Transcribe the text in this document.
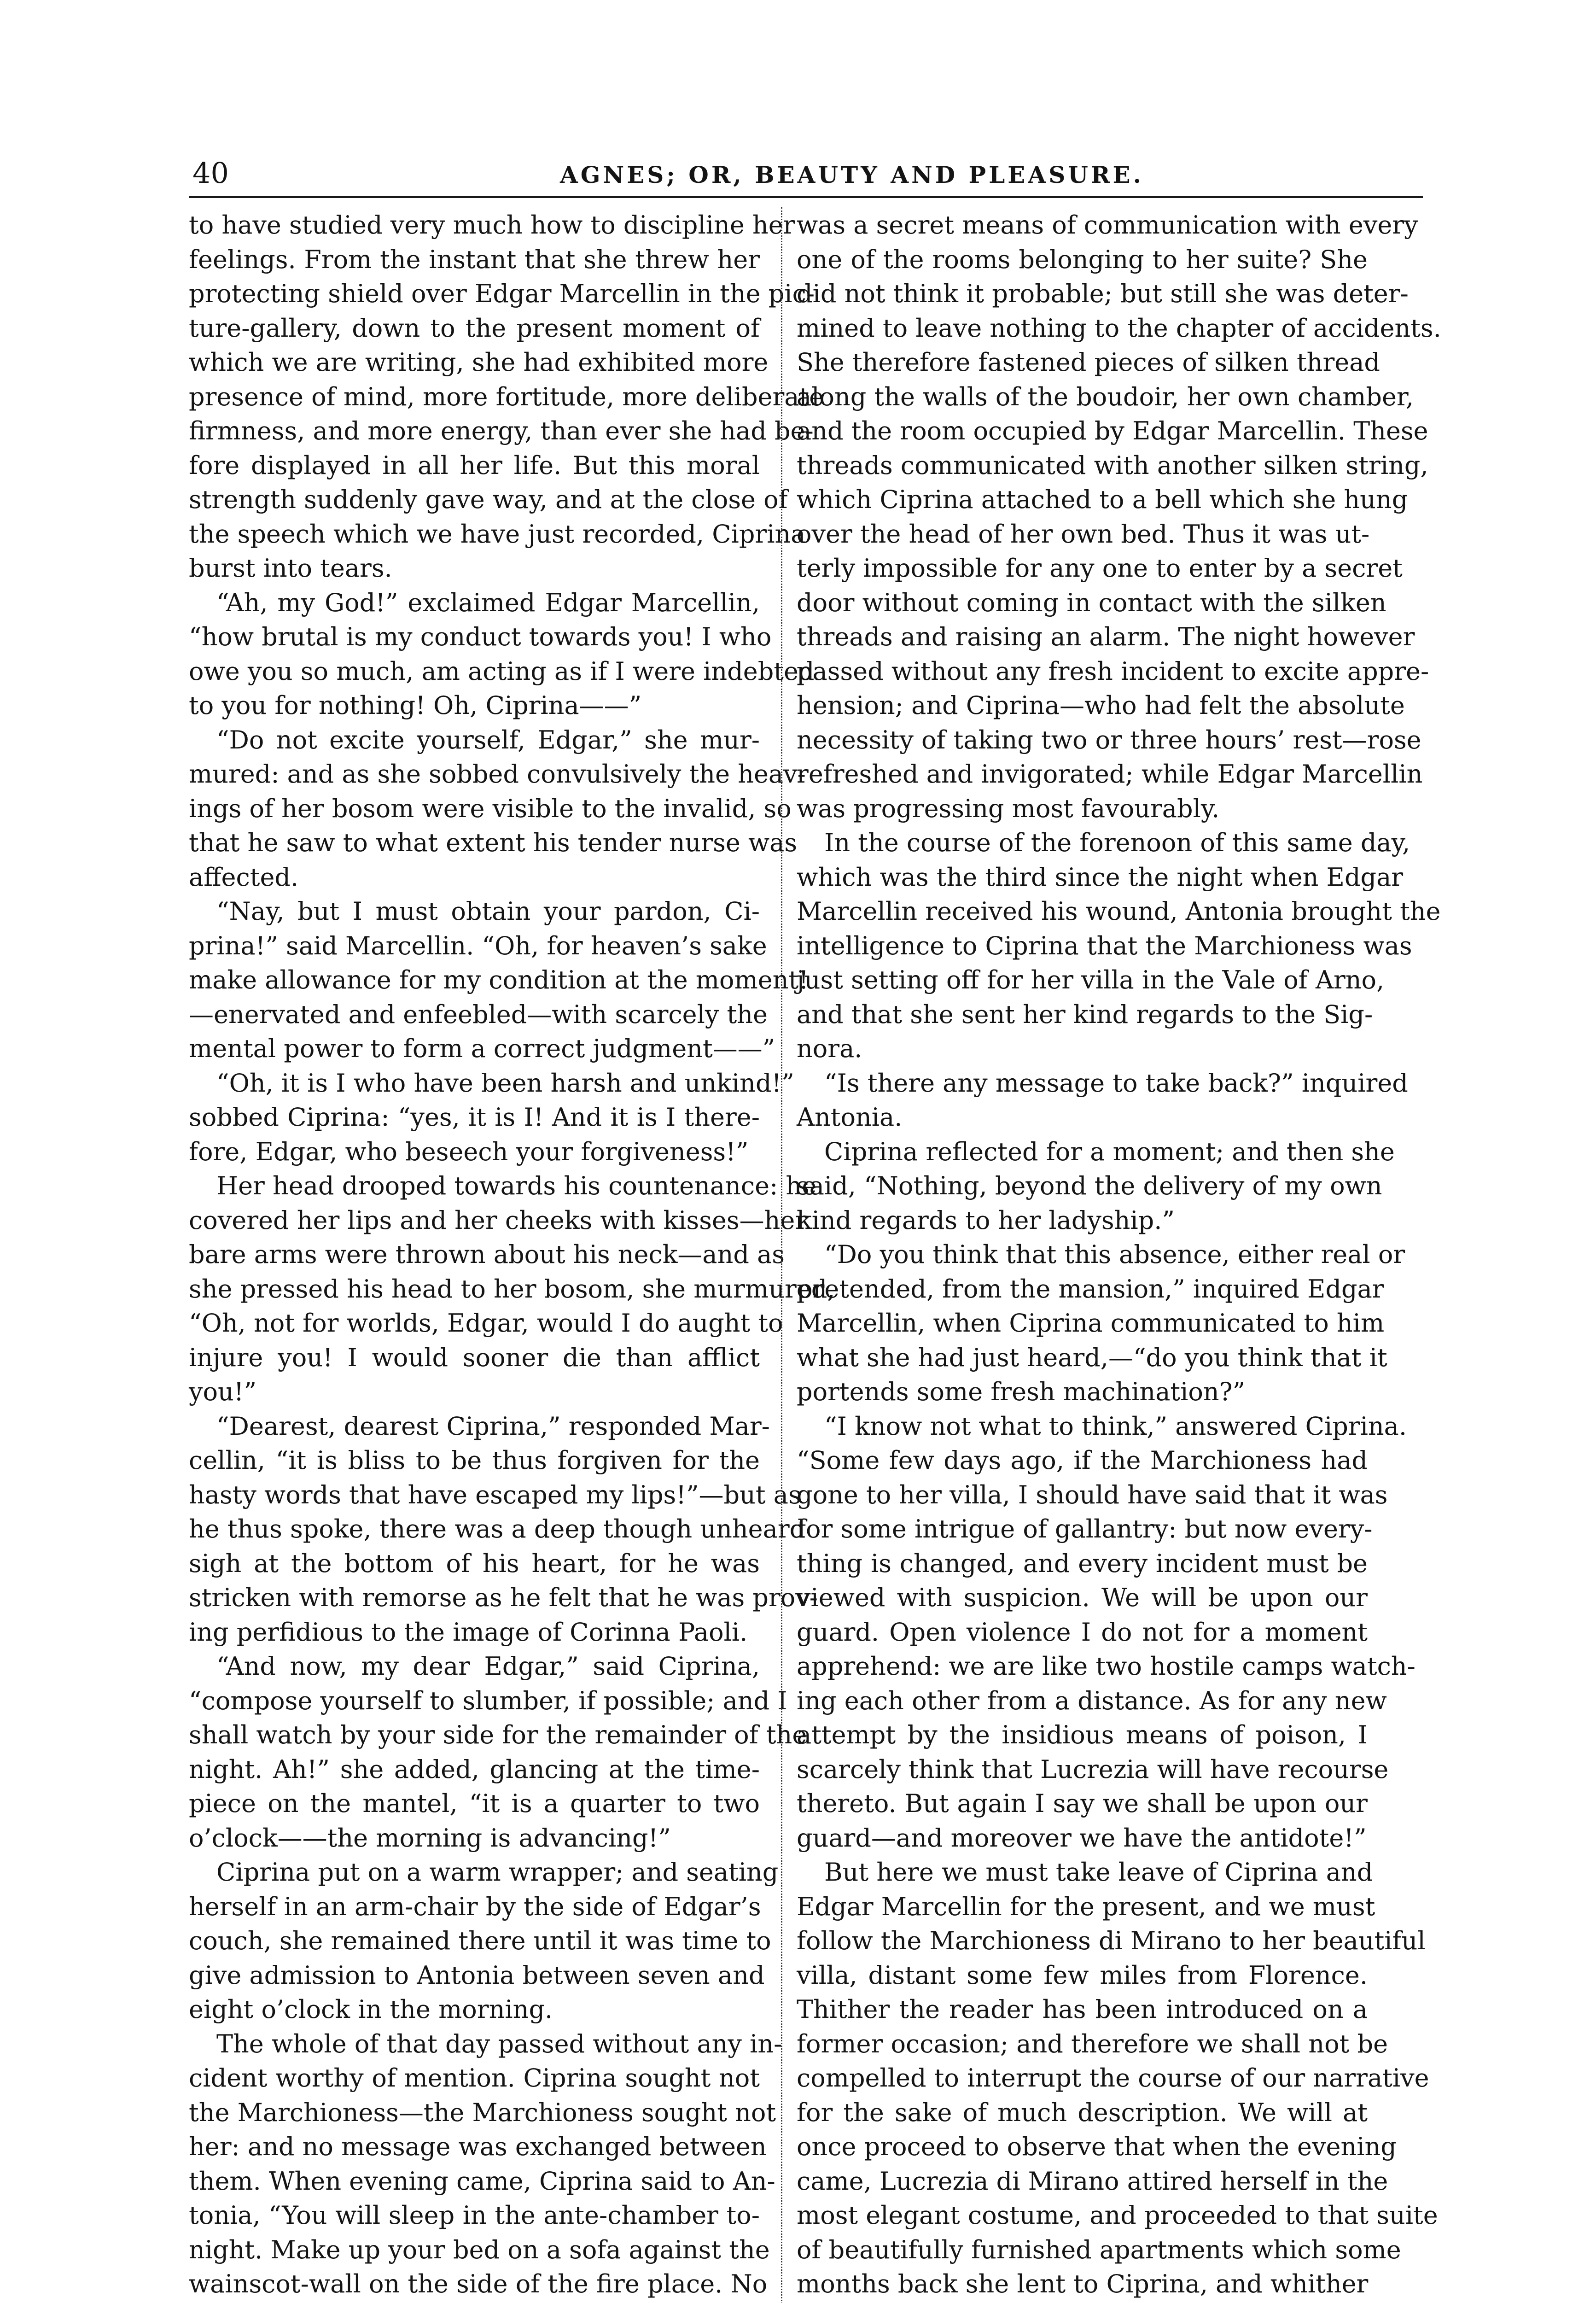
40	AGNES; OR, BEAUTY AND PLEASURE.
to have studied very much how to discipline her
feelings. From the instant that she threw her
protecting shield over Edgar Marcellin in the pic-
ture-gallery, down to the present moment of
which we are writing, she had exhibited more
presence of mind, more fortitude, more deliberate
firmness, and more energy, than ever she had be-
fore displayed in all her life. But this moral
strength suddenly gave way, and at the close of
the speech which we have just recorded, Ciprina
burst into tears.
“Ah, my God!” exclaimed Edgar Marcellin,
“how brutal is my conduct towards you! I who
owe you so much, am acting as if I were indebted
to you for nothing! Oh, Ciprina——”
“Do not excite yourself, Edgar,” she mur-
mured: and as she sobbed convulsively the heav-
ings of her bosom were visible to the invalid, so
that he saw to what extent his tender nurse was
affected.
“Nay, but I must obtain your pardon, Ci-
prina!” said Marcellin. “Oh, for heaven’s sake
make allowance for my condition at the moment!
—enervated and enfeebled—with scarcely the
mental power to form a correct judgment——”
“Oh, it is I who have been harsh and unkind!”
sobbed Ciprina: “yes, it is I! And it is I there-
fore, Edgar, who beseech your forgiveness!”
Her head drooped towards his countenance: he
covered her lips and her cheeks with kisses—her
bare arms were thrown about his neck—and as
she pressed his head to her bosom, she murmured,
“Oh, not for worlds, Edgar, would I do aught to
injure you! I would sooner die than afflict
you!”
“Dearest, dearest Ciprina,” responded Mar-
cellin, “it is bliss to be thus forgiven for the
hasty words that have escaped my lips!”—but as
he thus spoke, there was a deep though unheard
sigh at the bottom of his heart, for he was
stricken with remorse as he felt that he was prov-
ing perfidious to the image of Corinna Paoli.
“And now, my dear Edgar,” said Ciprina,
“compose yourself to slumber, if possible; and I
shall watch by your side for the remainder of the
night. Ah!” she added, glancing at the time-
piece on the mantel, “it is a quarter to two
o’clock——the morning is advancing!”
Ciprina put on a warm wrapper; and seating
herself in an arm-chair by the side of Edgar’s
couch, she remained there until it was time to
give admission to Antonia between seven and
eight o’clock in the morning.
The whole of that day passed without any in-
cident worthy of mention. Ciprina sought not
the Marchioness—the Marchioness sought not
her: and no message was exchanged between
them. When evening came, Ciprina said to An-
tonia, “You will sleep in the ante-chamber to-
night. Make up your bed on a sofa against the
wainscot-wall on the side of the fire place. No
was a secret means of communication with every
one of the rooms belonging to her suite? She
did not think it probable; but still she was deter-
mined to leave nothing to the chapter of accidents.
She therefore fastened pieces of silken thread
along the walls of the boudoir, her own chamber,
and the room occupied by Edgar Marcellin. These
threads communicated with another silken string,
which Ciprina attached to a bell which she hung
over the head of her own bed. Thus it was ut-
terly impossible for any one to enter by a secret
door without coming in contact with the silken
threads and raising an alarm. The night however
passed without any fresh incident to excite appre-
hension; and Ciprina—who had felt the absolute
necessity of taking two or three hours’ rest—rose
refreshed and invigorated; while Edgar Marcellin
was progressing most favourably.
In the course of the forenoon of this same day,
which was the third since the night when Edgar
Marcellin received his wound, Antonia brought the
intelligence to Ciprina that the Marchioness was
just setting off for her villa in the Vale of Arno,
and that she sent her kind regards to the Sig-
nora.
“Is there any message to take back?” inquired
Antonia.
Ciprina reflected for a moment; and then she
said, “Nothing, beyond the delivery of my own
kind regards to her ladyship.”
“Do you think that this absence, either real or
pretended, from the mansion,” inquired Edgar
Marcellin, when Ciprina communicated to him
what she had just heard,—“do you think that it
portends some fresh machination?”
“I know not what to think,” answered Ciprina.
“Some few days ago, if the Marchioness had
gone to her villa, I should have said that it was
for some intrigue of gallantry: but now every-
thing is changed, and every incident must be
viewed with suspicion. We will be upon our
guard. Open violence I do not for a moment
apprehend: we are like two hostile camps watch-
ing each other from a distance. As for any new
attempt by the insidious means of poison, I
scarcely think that Lucrezia will have recourse
thereto. But again I say we shall be upon our
guard—and moreover we have the antidote!”
But here we must take leave of Ciprina and
Edgar Marcellin for the present, and we must
follow the Marchioness di Mirano to her beautiful
villa, distant some few miles from Florence.
Thither the reader has been introduced on a
former occasion; and therefore we shall not be
compelled to interrupt the course of our narrative
for the sake of much description. We will at
once proceed to observe that when the evening
came, Lucrezia di Mirano attired herself in the
most elegant costume, and proceeded to that suite
of beautifully furnished apartments which some
months back she lent to Ciprina, and whither
